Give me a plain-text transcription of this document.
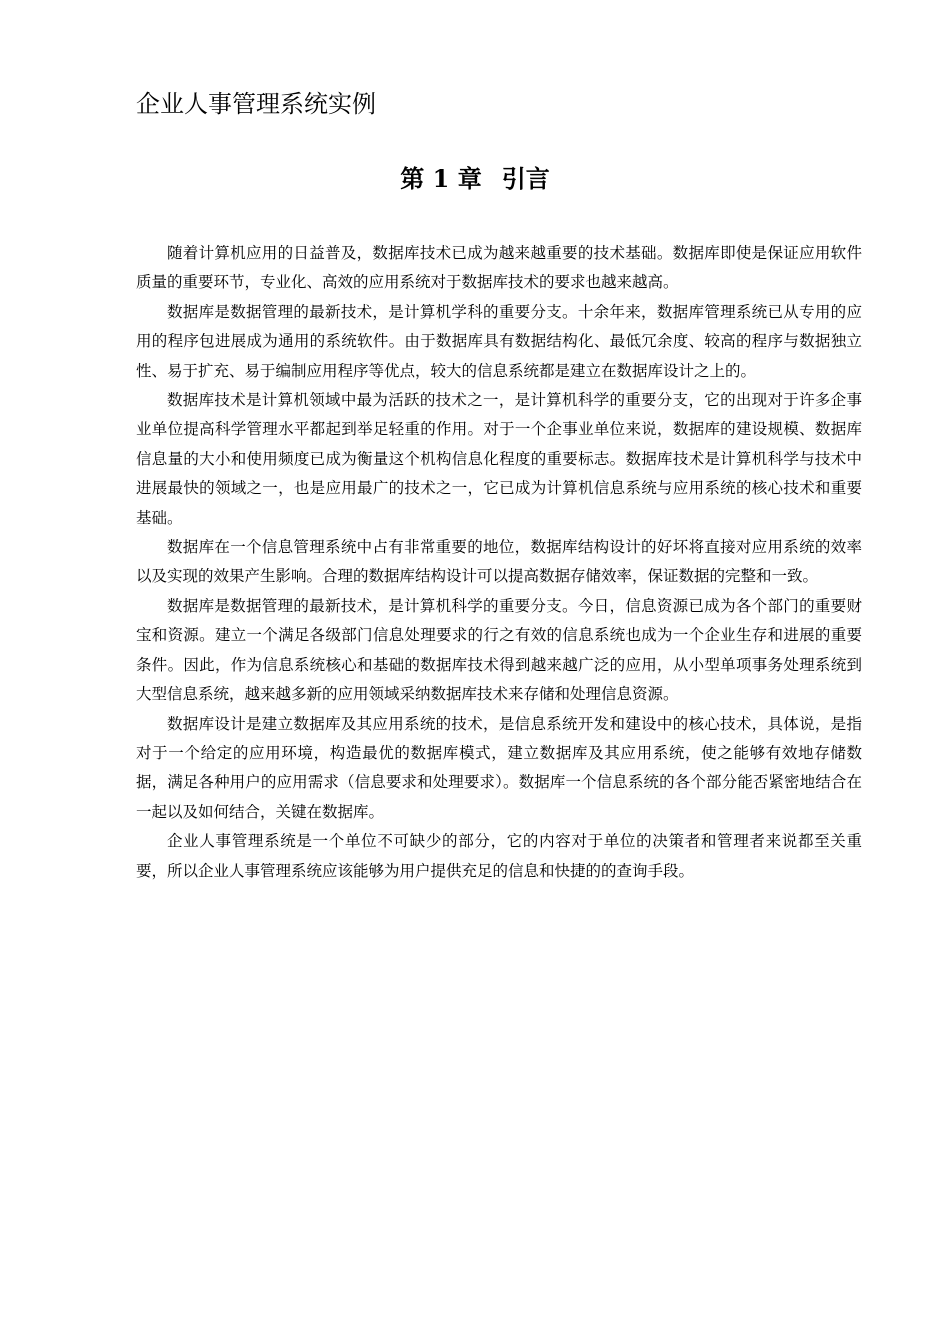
企业人事管理系统实例
第 1 章 引言

随着计算机应用的日益普及，数据库技术已成为越来越重要的技术基础。数据库即使是保证应用软件质量的重要环节，专业化、高效的应用系统对于数据库技术的要求也越来越高。

数据库是数据管理的最新技术，是计算机学科的重要分支。十余年来，数据库管理系统已从专用的应用的程序包进展成为通用的系统软件。由于数据库具有数据结构化、最低冗余度、较高的程序与数据独立性、易于扩充、易于编制应用程序等优点，较大的信息系统都是建立在数据库设计之上的。

数据库技术是计算机领域中最为活跃的技术之一，是计算机科学的重要分支，它的出现对于许多企事业单位提高科学管理水平都起到举足轻重的作用。对于一个企事业单位来说，数据库的建设规模、数据库信息量的大小和使用频度已成为衡量这个机构信息化程度的重要标志。数据库技术是计算机科学与技术中进展最快的领域之一，也是应用最广的技术之一，它已成为计算机信息系统与应用系统的核心技术和重要基础。

数据库在一个信息管理系统中占有非常重要的地位，数据库结构设计的好坏将直接对应用系统的效率以及实现的效果产生影响。合理的数据库结构设计可以提高数据存储效率，保证数据的完整和一致。

数据库是数据管理的最新技术，是计算机科学的重要分支。今日，信息资源已成为各个部门的重要财宝和资源。建立一个满足各级部门信息处理要求的行之有效的信息系统也成为一个企业生存和进展的重要条件。因此，作为信息系统核心和基础的数据库技术得到越来越广泛的应用，从小型单项事务处理系统到大型信息系统，越来越多新的应用领域采纳数据库技术来存储和处理信息资源。

数据库设计是建立数据库及其应用系统的技术，是信息系统开发和建设中的核心技术，具体说，是指对于一个给定的应用环境，构造最优的数据库模式，建立数据库及其应用系统，使之能够有效地存储数据，满足各种用户的应用需求（信息要求和处理要求）。数据库一个信息系统的各个部分能否紧密地结合在一起以及如何结合，关键在数据库。

企业人事管理系统是一个单位不可缺少的部分，它的内容对于单位的决策者和管理者来说都至关重要，所以企业人事管理系统应该能够为用户提供充足的信息和快捷的的查询手段。
